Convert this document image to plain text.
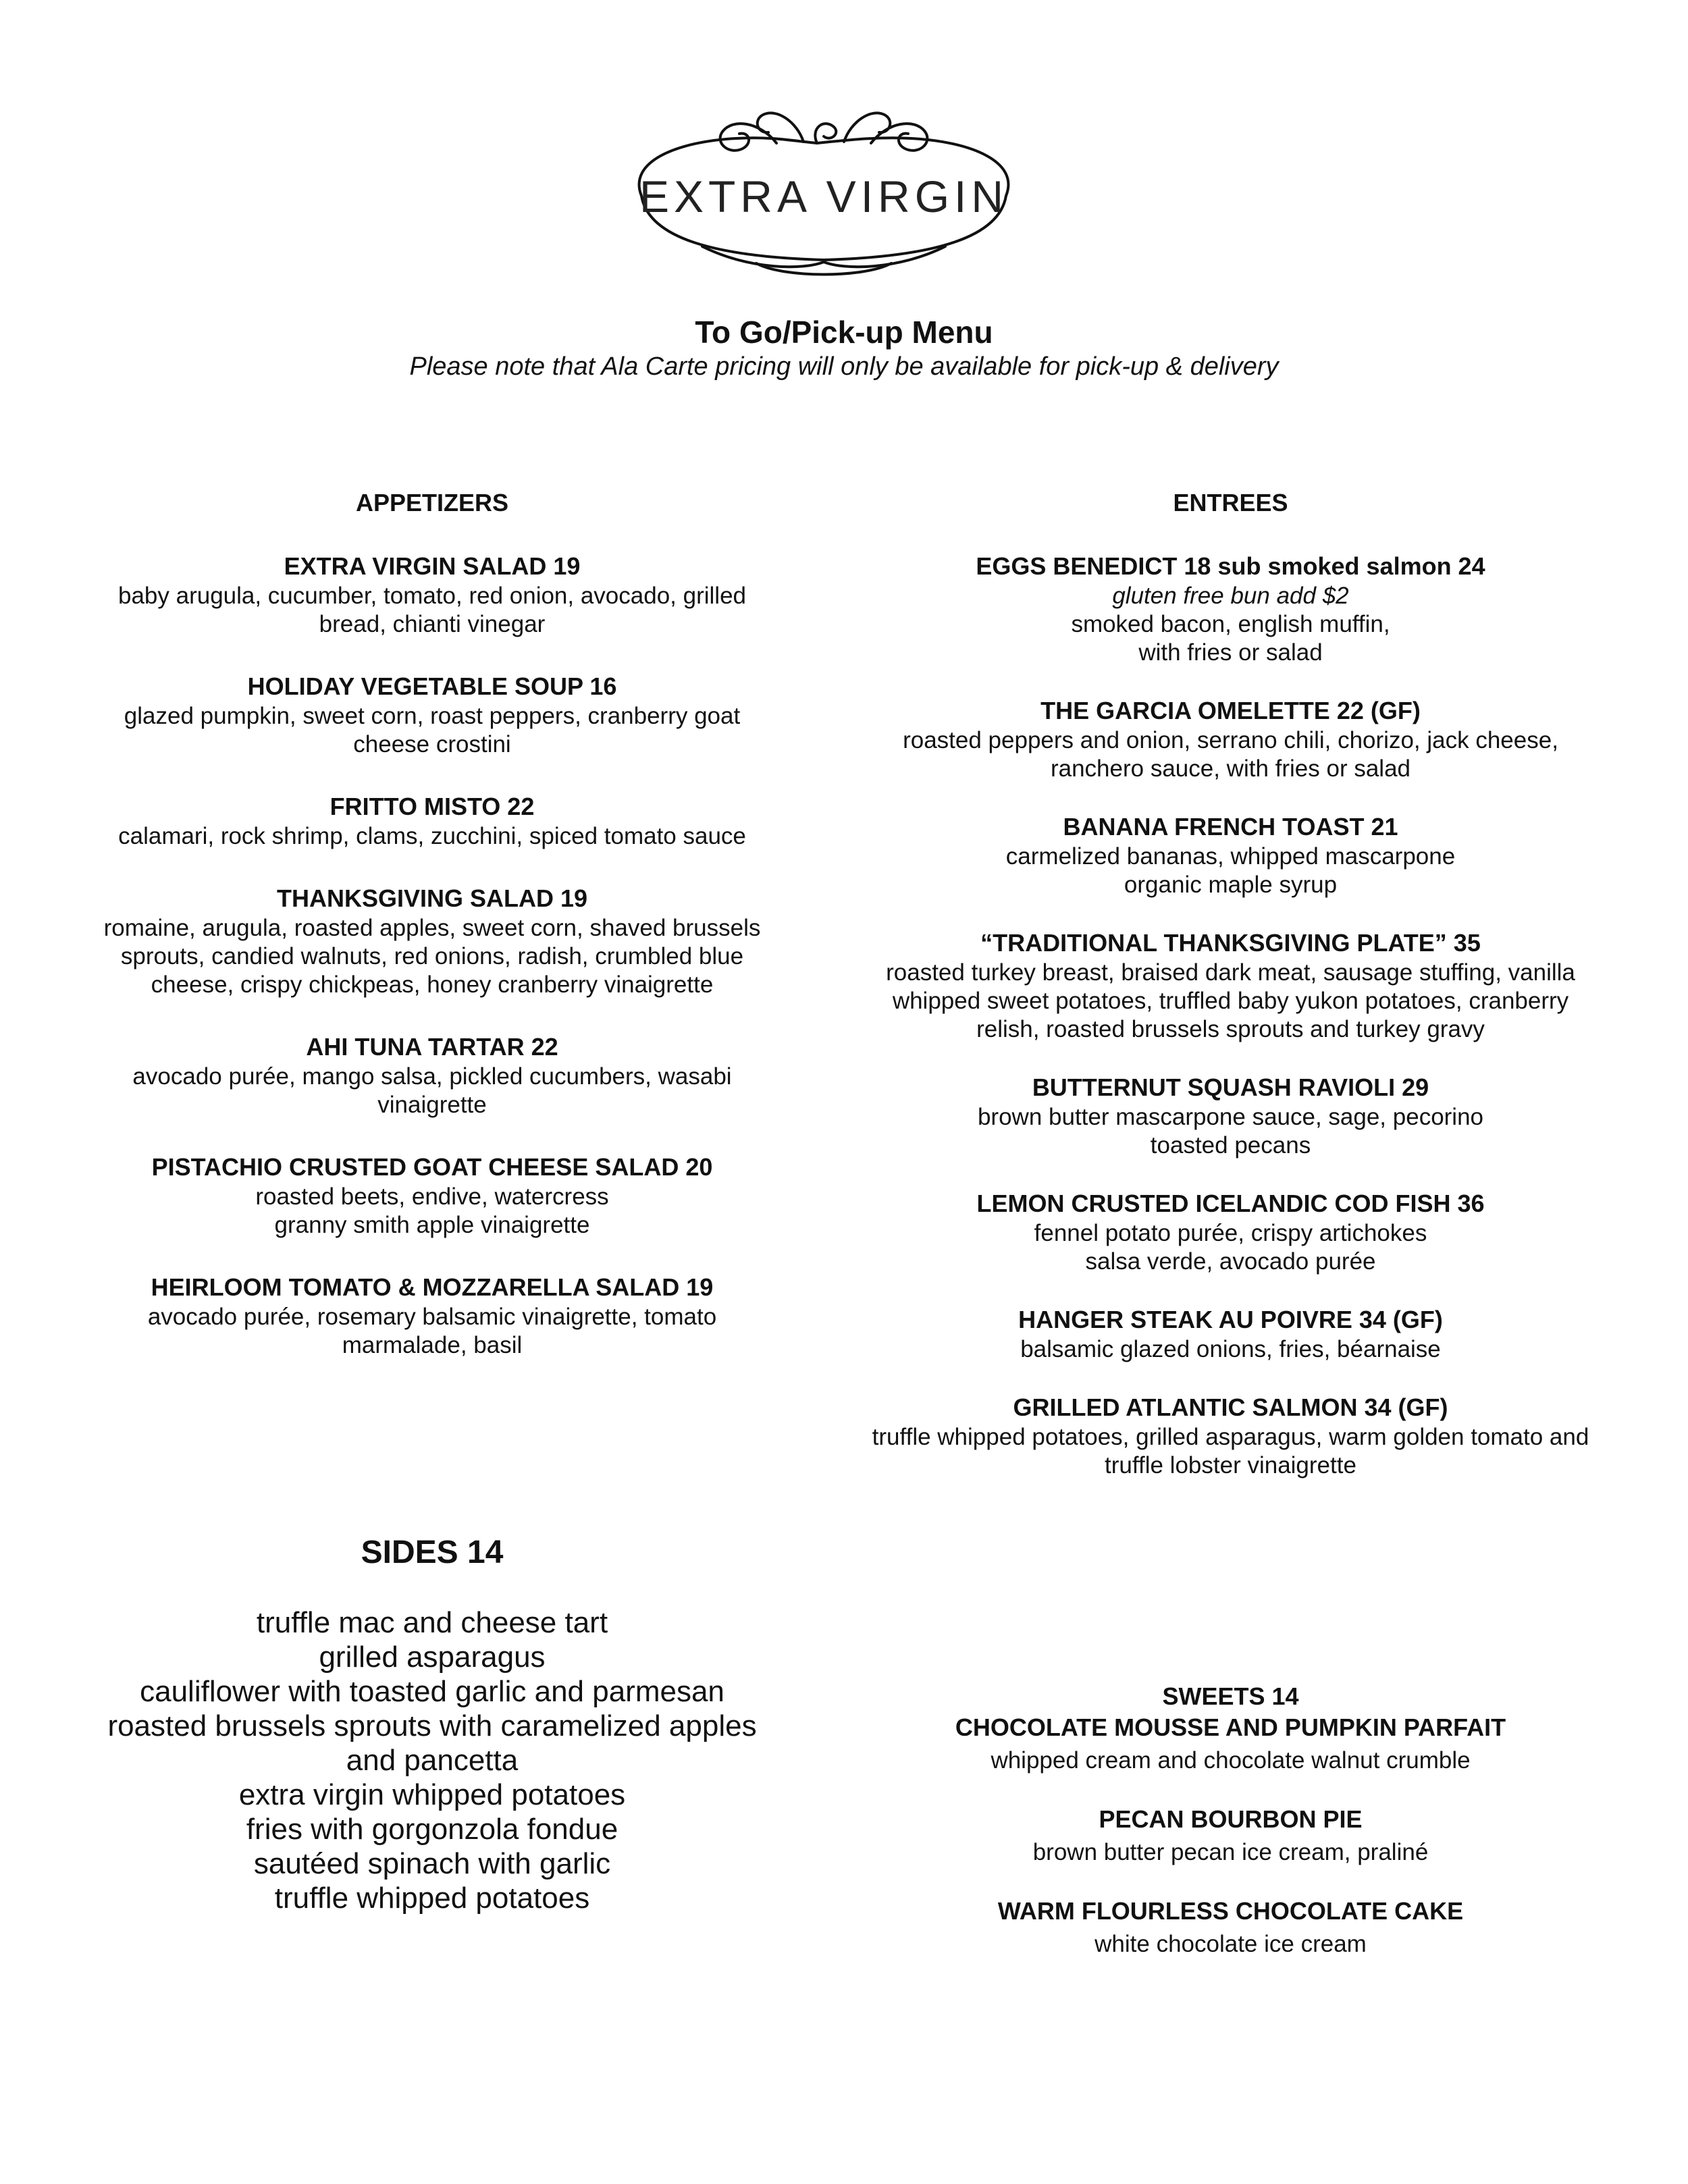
EXTRA VIRGIN
To Go/Pick-up Menu
Please note that Ala Carte pricing will only be available for pick-up & delivery
APPETIZERS
EXTRA VIRGIN SALAD 19
baby arugula, cucumber, tomato, red onion, avocado, grilled
bread, chianti vinegar
HOLIDAY VEGETABLE SOUP 16
glazed pumpkin, sweet corn, roast peppers, cranberry goat
cheese crostini
FRITTO MISTO 22
calamari, rock shrimp, clams, zucchini, spiced tomato sauce
THANKSGIVING SALAD 19
romaine, arugula, roasted apples, sweet corn, shaved brussels
sprouts, candied walnuts, red onions, radish, crumbled blue
cheese, crispy chickpeas, honey cranberry vinaigrette
AHI TUNA TARTAR 22
avocado purée, mango salsa, pickled cucumbers, wasabi
vinaigrette
PISTACHIO CRUSTED GOAT CHEESE SALAD 20
roasted beets, endive, watercress
granny smith apple vinaigrette
HEIRLOOM TOMATO & MOZZARELLA SALAD 19
avocado purée, rosemary balsamic vinaigrette, tomato
marmalade, basil
SIDES 14
truffle mac and cheese tart
grilled asparagus
cauliflower with toasted garlic and parmesan
roasted brussels sprouts with caramelized apples
and pancetta
extra virgin whipped potatoes
fries with gorgonzola fondue
sautéed spinach with garlic
truffle whipped potatoes
ENTREES
EGGS BENEDICT 18 sub smoked salmon 24
gluten free bun add $2
smoked bacon, english muffin,
with fries or salad
THE GARCIA OMELETTE 22 (GF)
roasted peppers and onion, serrano chili, chorizo, jack cheese,
ranchero sauce, with fries or salad
BANANA FRENCH TOAST 21
carmelized bananas, whipped mascarpone
organic maple syrup
“TRADITIONAL THANKSGIVING PLATE” 35
roasted turkey breast, braised dark meat, sausage stuffing, vanilla
whipped sweet potatoes, truffled baby yukon potatoes, cranberry
relish, roasted brussels sprouts and turkey gravy
BUTTERNUT SQUASH RAVIOLI 29
brown butter mascarpone sauce, sage, pecorino
toasted pecans
LEMON CRUSTED ICELANDIC COD FISH 36
fennel potato purée, crispy artichokes
salsa verde, avocado purée
HANGER STEAK AU POIVRE 34 (GF)
balsamic glazed onions, fries, béarnaise
GRILLED ATLANTIC SALMON 34 (GF)
truffle whipped potatoes, grilled asparagus, warm golden tomato and
truffle lobster vinaigrette
SWEETS 14
CHOCOLATE MOUSSE AND PUMPKIN PARFAIT
whipped cream and chocolate walnut crumble
PECAN BOURBON PIE
brown butter pecan ice cream, praliné
WARM FLOURLESS CHOCOLATE CAKE
white chocolate ice cream
